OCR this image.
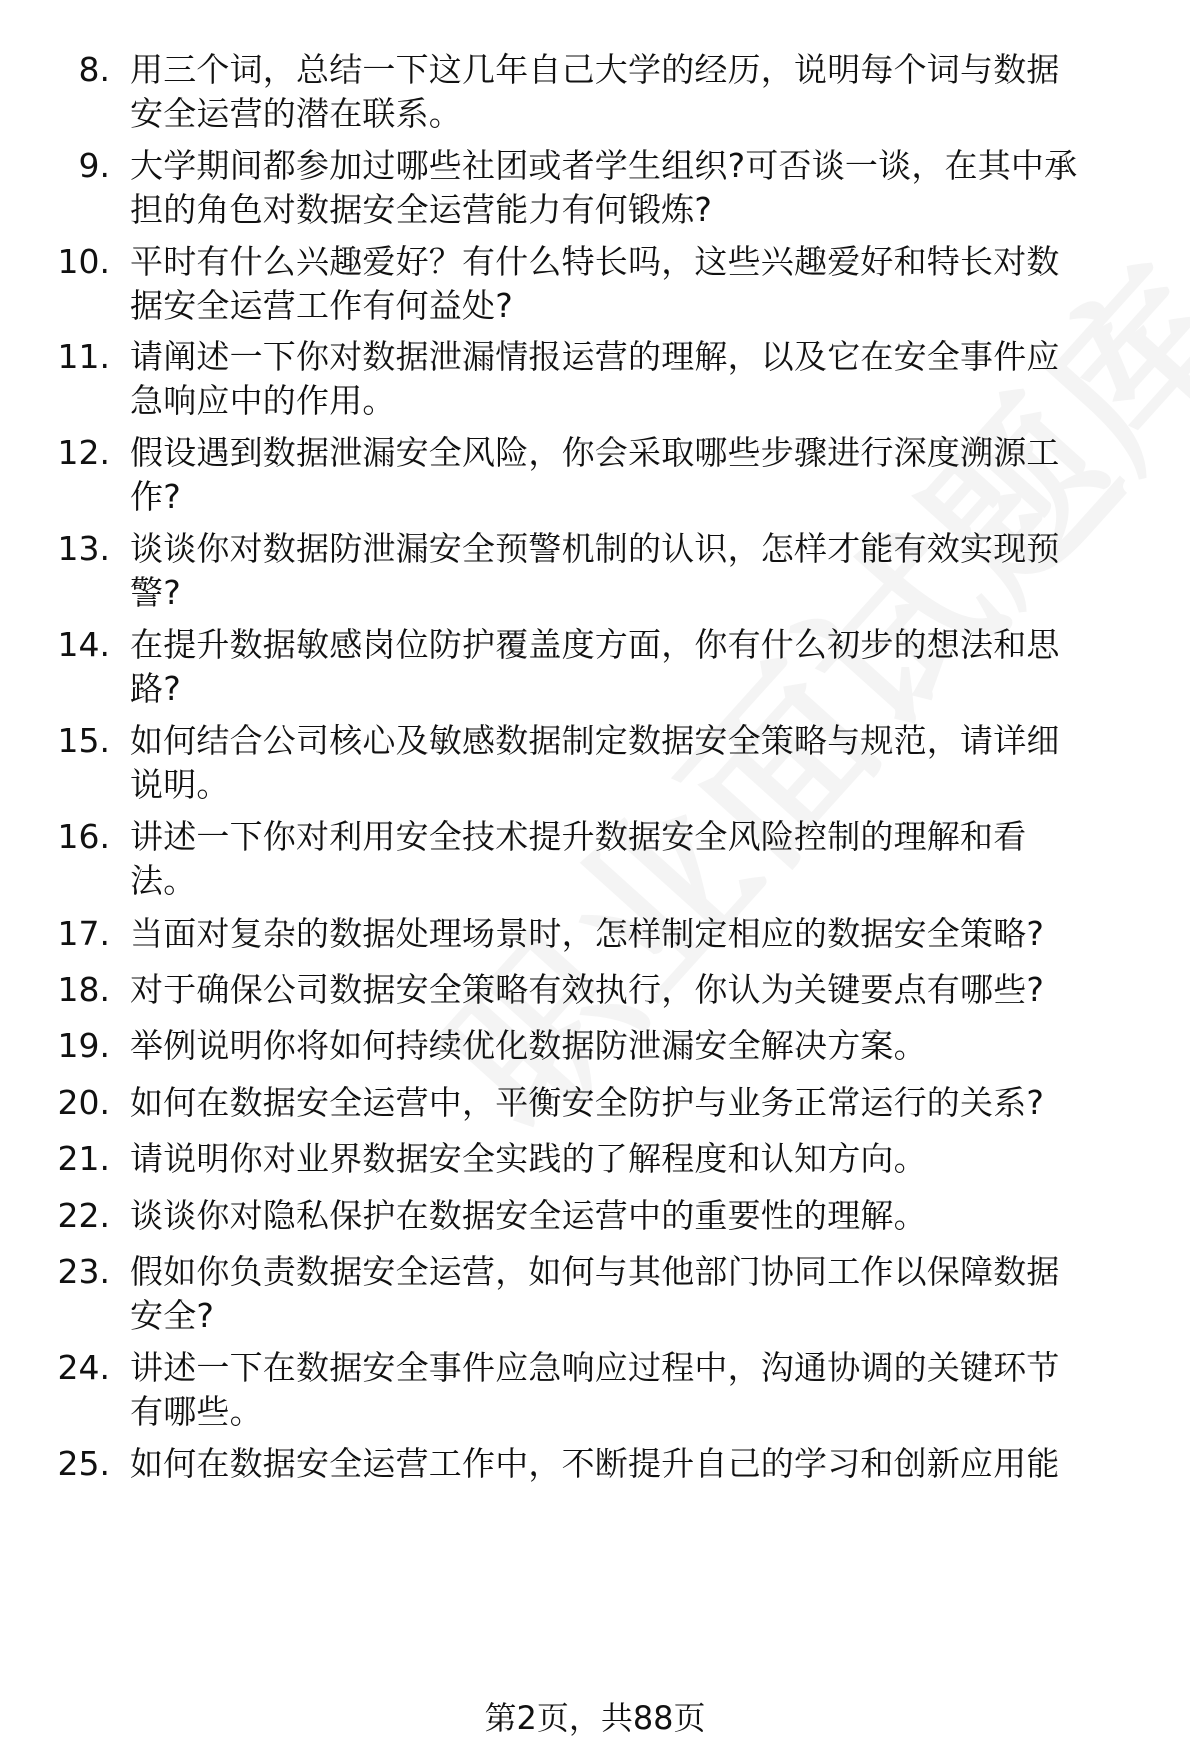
8. 用三个词，总结一下这几年自己大学的经历，说明每个词与数据
安全运营的潜在联系。
9. 大学期间都参加过哪些社团或者学生组织?可否谈一谈，在其中承
担的角色对数据安全运营能力有何锻炼?
10. 平时有什么兴趣爱好？有什么特长吗，这些兴趣爱好和特长对数
据安全运营工作有何益处?
11. 请阐述一下你对数据泄漏情报运营的理解，以及它在安全事件应
急响应中的作用。
12. 假设遇到数据泄漏安全风险，你会采取哪些步骤进行深度溯源工
作?
13. 谈谈你对数据防泄漏安全预警机制的认识，怎样才能有效实现预
警?
14. 在提升数据敏感岗位防护覆盖度方面，你有什么初步的想法和思
路?
15. 如何结合公司核心及敏感数据制定数据安全策略与规范，请详细
说明。
16. 讲述一下你对利用安全技术提升数据安全风险控制的理解和看
法。
17. 当面对复杂的数据处理场景时，怎样制定相应的数据安全策略?
18. 对于确保公司数据安全策略有效执行，你认为关键要点有哪些?
19. 举例说明你将如何持续优化数据防泄漏安全解决方案。
20. 如何在数据安全运营中，平衡安全防护与业务正常运行的关系?
21. 请说明你对业界数据安全实践的了解程度和认知方向。
22. 谈谈你对隐私保护在数据安全运营中的重要性的理解。
23. 假如你负责数据安全运营，如何与其他部门协同工作以保障数据
安全?
24. 讲述一下在数据安全事件应急响应过程中，沟通协调的关键环节
有哪些。
25. 如何在数据安全运营工作中，不断提升自己的学习和创新应用能
第2页，共88页
